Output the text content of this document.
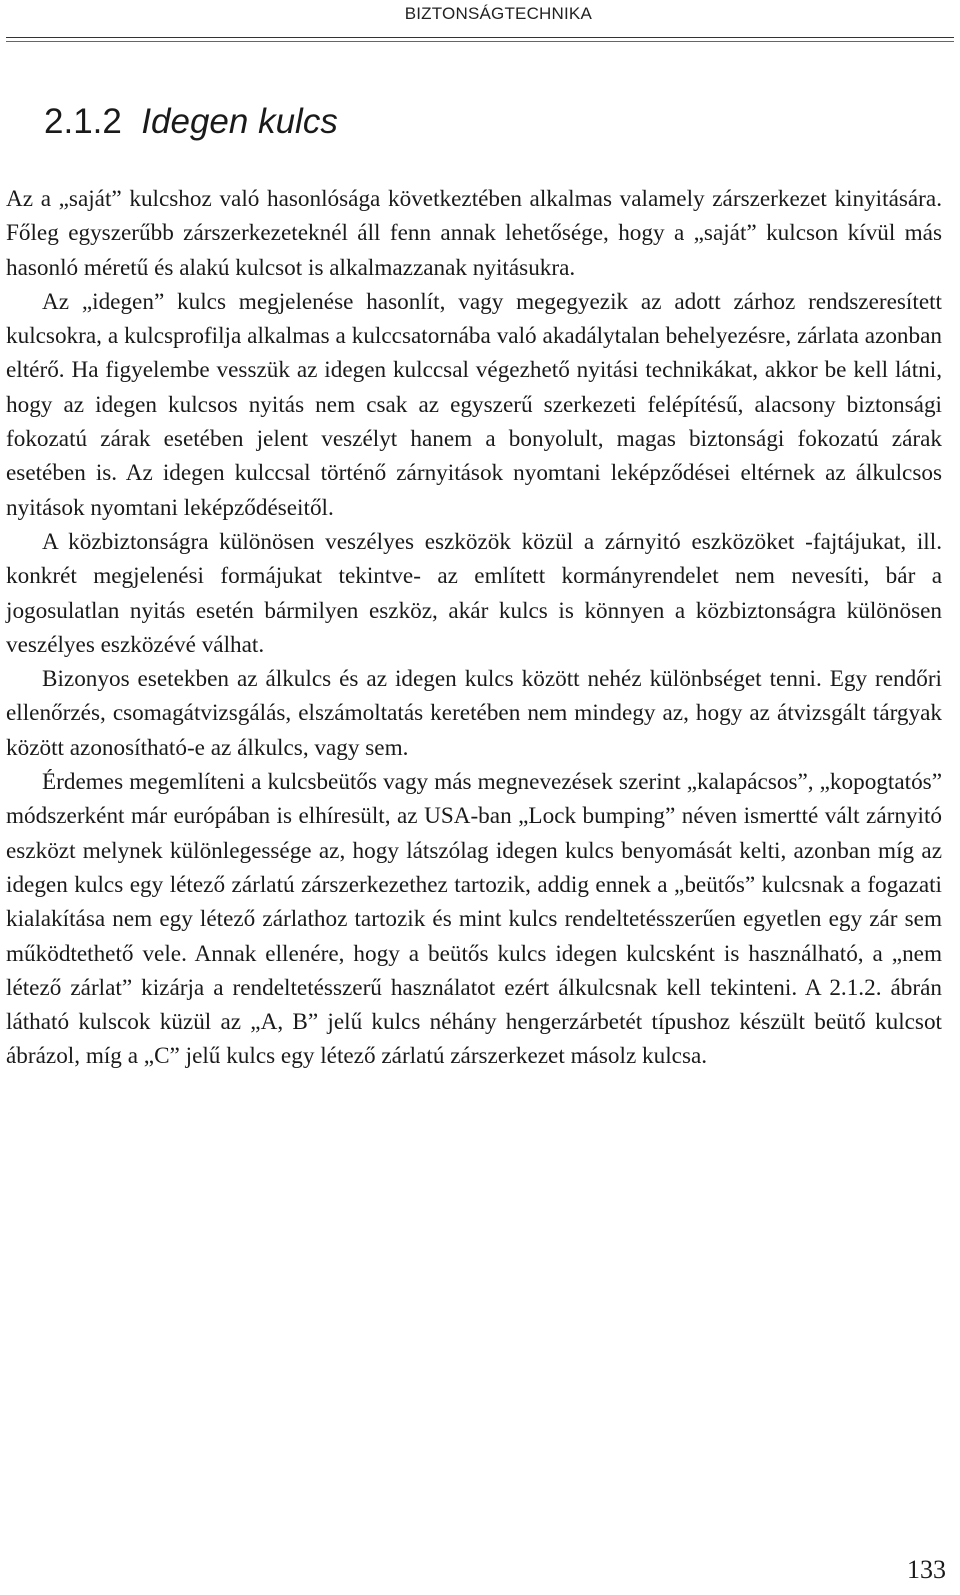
BIZTONSÁGTECHNIKA
2.1.2 Idegen kulcs

Az a „saját” kulcshoz való hasonlósága következtében alkalmas valamely zárszerkezet kinyitására. Főleg egyszerűbb zárszerkezeteknél áll fenn annak lehetősége, hogy a „saját” kulcson kívül más hasonló méretű és alakú kulcsot is alkalmazzanak nyitásukra.

Az „idegen” kulcs megjelenése hasonlít, vagy megegyezik az adott zárhoz rendszeresített kulcsokra, a kulcsprofilja alkalmas a kulccsatornába való akadálytalan behelyezésre, zárlata azonban eltérő. Ha figyelembe vesszük az idegen kulccsal végezhető nyitási technikákat, akkor be kell látni, hogy az idegen kulcsos nyitás nem csak az egyszerű szerkezeti felépítésű, alacsony biztonsági fokozatú zárak esetében jelent veszélyt hanem a bonyolult, magas biztonsági fokozatú zárak esetében is. Az idegen kulccsal történő zárnyitások nyomtani leképződései eltérnek az álkulcsos nyitások nyomtani leképződéseitől.

A közbiztonságra különösen veszélyes eszközök közül a zárnyitó eszközöket -fajtájukat, ill. konkrét megjelenési formájukat tekintve- az említett kormányrendelet nem nevesíti, bár a jogosulatlan nyitás esetén bármilyen eszköz, akár kulcs is könnyen a közbiztonságra különösen veszélyes eszközévé válhat.

Bizonyos esetekben az álkulcs és az idegen kulcs között nehéz különbséget tenni. Egy rendőri ellenőrzés, csomagátvizsgálás, elszámoltatás keretében nem mindegy az, hogy az átvizsgált tárgyak között azonosítható-e az álkulcs, vagy sem.

Érdemes megemlíteni a kulcsbeütős vagy más megnevezések szerint „kalapácsos”, „kopogtatós” módszerként már európában is elhíresült, az USA-ban „Lock bumping” néven ismertté vált zárnyitó eszközt melynek különlegessége az, hogy látszólag idegen kulcs benyomását kelti, azonban míg az idegen kulcs egy létező zárlatú zárszerkezethez tartozik, addig ennek a „beütős” kulcsnak a fogazati kialakítása nem egy létező zárlathoz tartozik és mint kulcs rendeltetésszerűen egyetlen egy zár sem működtethető vele. Annak ellenére, hogy a beütős kulcs idegen kulcsként is használható, a „nem létező zárlat” kizárja a rendeltetésszerű használatot ezért álkulcsnak kell tekinteni. A 2.1.2. ábrán látható kulscok küzül az „A, B” jelű kulcs néhány hengerzárbetét típushoz készült beütő kulcsot ábrázol, míg a „C” jelű kulcs egy létező zárlatú zárszerkezet másolz kulcsa.

133
